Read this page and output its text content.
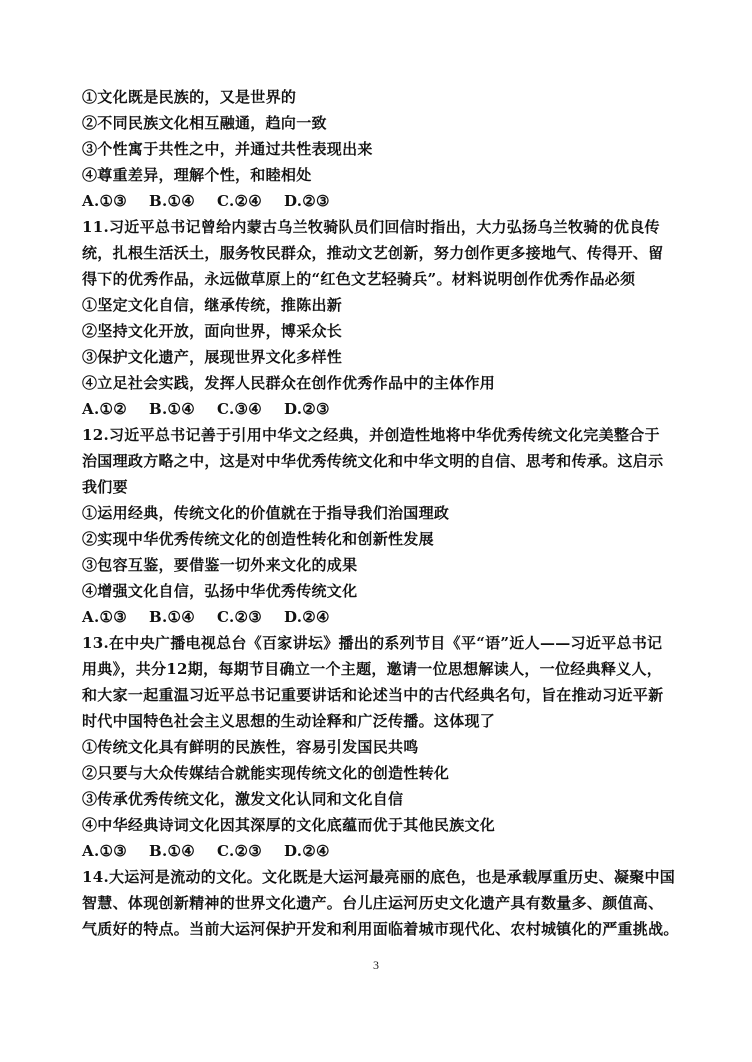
①文化既是民族的，又是世界的
②不同民族文化相互融通，趋向一致
③个性寓于共性之中，并通过共性表现出来
④尊重差异，理解个性，和睦相处
A.①③ B.①④ C.②④ D.②③
11.习近平总书记曾给内蒙古乌兰牧骑队员们回信时指出，大力弘扬乌兰牧骑的优良传
统，扎根生活沃土，服务牧民群众，推动文艺创新，努力创作更多接地气、传得开、留
得下的优秀作品，永远做草原上的“红色文艺轻骑兵”。材料说明创作优秀作品必须
①坚定文化自信，继承传统，推陈出新
②坚持文化开放，面向世界，博采众长
③保护文化遗产，展现世界文化多样性
④立足社会实践，发挥人民群众在创作优秀作品中的主体作用
A.①② B.①④ C.③④ D.②③
12.习近平总书记善于引用中华文之经典，并创造性地将中华优秀传统文化完美整合于
治国理政方略之中，这是对中华优秀传统文化和中华文明的自信、思考和传承。这启示
我们要
①运用经典，传统文化的价值就在于指导我们治国理政
②实现中华优秀传统文化的创造性转化和创新性发展
③包容互鉴，要借鉴一切外来文化的成果
④增强文化自信，弘扬中华优秀传统文化
A.①③ B.①④ C.②③ D.②④
13.在中央广播电视总台《百家讲坛》播出的系列节目《平“语”近人——习近平总书记
用典》，共分12期，每期节目确立一个主题，邀请一位思想解读人，一位经典释义人，
和大家一起重温习近平总书记重要讲话和论述当中的古代经典名句，旨在推动习近平新
时代中国特色社会主义思想的生动诠释和广泛传播。这体现了
①传统文化具有鲜明的民族性，容易引发国民共鸣
②只要与大众传媒结合就能实现传统文化的创造性转化
③传承优秀传统文化，激发文化认同和文化自信
④中华经典诗词文化因其深厚的文化底蕴而优于其他民族文化
A.①③ B.①④ C.②③ D.②④
14.大运河是流动的文化。文化既是大运河最亮丽的底色，也是承载厚重历史、凝聚中国
智慧、体现创新精神的世界文化遗产。台儿庄运河历史文化遗产具有数量多、颜值高、
气质好的特点。当前大运河保护开发和利用面临着城市现代化、农村城镇化的严重挑战。
3
